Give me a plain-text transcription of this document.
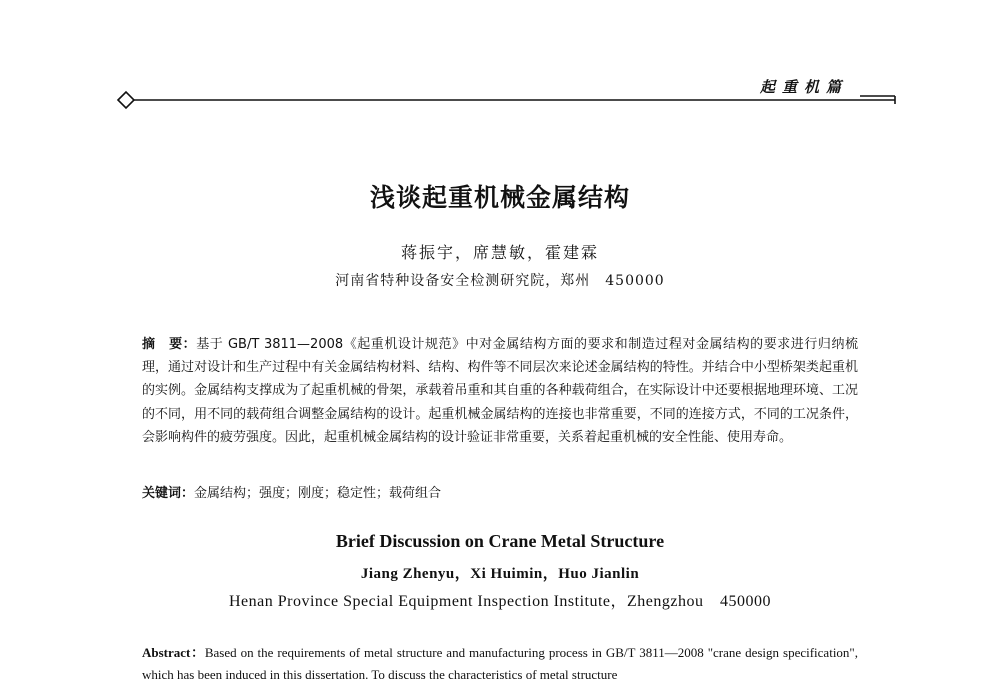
起重机篇
浅谈起重机械金属结构
蒋振宇，席慧敏，霍建霖
河南省特种设备安全检测研究院，郑州　450000
摘　要：基于 GB/T 3811—2008《起重机设计规范》中对金属结构方面的要求和制造过程对金属结构的要求进行归纳梳理，通过对设计和生产过程中有关金属结构材料、结构、构件等不同层次来论述金属结构的特性。并结合中小型桥架类起重机的实例。金属结构支撑成为了起重机械的骨架，承载着吊重和其自重的各种载荷组合，在实际设计中还要根据地理环境、工况的不同，用不同的载荷组合调整金属结构的设计。起重机械金属结构的连接也非常重要，不同的连接方式，不同的工况条件，会影响构件的疲劳强度。因此，起重机械金属结构的设计验证非常重要，关系着起重机械的安全性能、使用寿命。
关键词：金属结构；强度；刚度；稳定性；载荷组合
Brief Discussion on Crane Metal Structure
Jiang Zhenyu，Xi Huimin，Huo Jianlin
Henan Province Special Equipment Inspection Institute，Zhengzhou　450000
Abstract：Based on the requirements of metal structure and manufacturing process in GB/T 3811—2008 "crane design specification", which has been induced in this dissertation. To discuss the characteristics of metal structure
